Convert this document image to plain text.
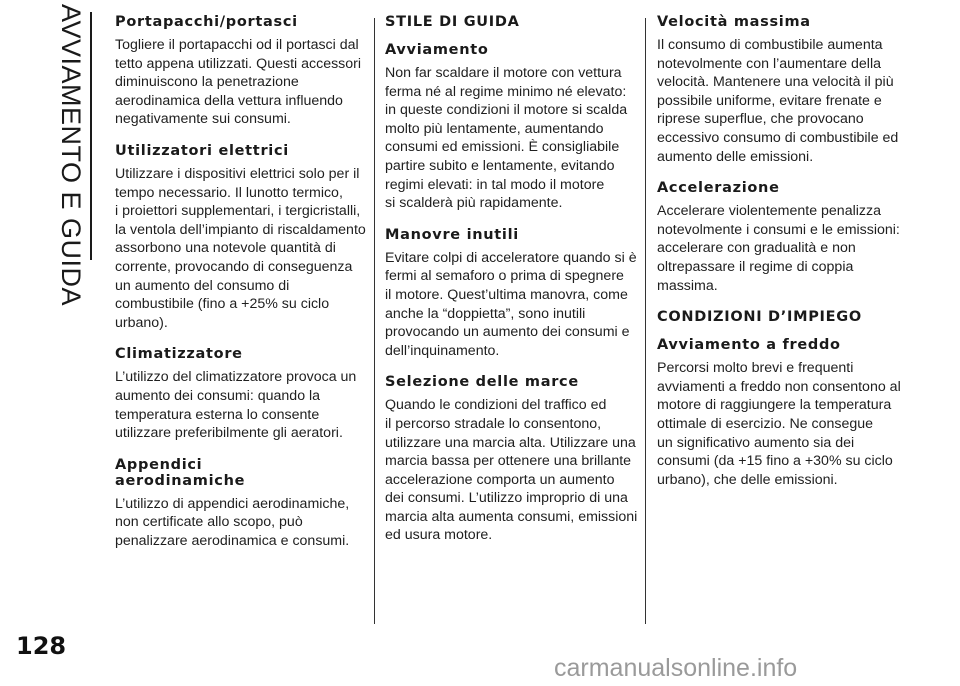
AVVIAMENTO E GUIDA
128
Portapacchi/portasci

Togliere il portapacchi od il portasci dal
tetto appena utilizzati. Questi accessori
diminuiscono la penetrazione
aerodinamica della vettura influendo
negativamente sui consumi.

Utilizzatori elettrici

Utilizzare i dispositivi elettrici solo per il
tempo necessario. Il lunotto termico,
i proiettori supplementari, i tergicristalli,
la ventola dell’impianto di riscaldamento
assorbono una notevole quantità di
corrente, provocando di conseguenza
un aumento del consumo di
combustibile (fino a +25% su ciclo
urbano).

Climatizzatore

L’utilizzo del climatizzatore provoca un
aumento dei consumi: quando la
temperatura esterna lo consente
utilizzare preferibilmente gli aeratori.

Appendici
aerodinamiche

L’utilizzo di appendici aerodinamiche,
non certificate allo scopo, può
penalizzare aerodinamica e consumi.

STILE DI GUIDA
Avviamento

Non far scaldare il motore con vettura
ferma né al regime minimo né elevato:
in queste condizioni il motore si scalda
molto più lentamente, aumentando
consumi ed emissioni. È consigliabile
partire subito e lentamente, evitando
regimi elevati: in tal modo il motore
si scalderà più rapidamente.

Manovre inutili

Evitare colpi di acceleratore quando si è
fermi al semaforo o prima di spegnere
il motore. Quest’ultima manovra, come
anche la “doppietta”, sono inutili
provocando un aumento dei consumi e
dell’inquinamento.

Selezione delle marce

Quando le condizioni del traffico ed
il percorso stradale lo consentono,
utilizzare una marcia alta. Utilizzare una
marcia bassa per ottenere una brillante
accelerazione comporta un aumento
dei consumi. L’utilizzo improprio di una
marcia alta aumenta consumi, emissioni
ed usura motore.

Velocità massima

Il consumo di combustibile aumenta
notevolmente con l’aumentare della
velocità. Mantenere una velocità il più
possibile uniforme, evitare frenate e
riprese superflue, che provocano
eccessivo consumo di combustibile ed
aumento delle emissioni.

Accelerazione

Accelerare violentemente penalizza
notevolmente i consumi e le emissioni:
accelerare con gradualità e non
oltrepassare il regime di coppia
massima.

CONDIZIONI D’IMPIEGO
Avviamento a freddo

Percorsi molto brevi e frequenti
avviamenti a freddo non consentono al
motore di raggiungere la temperatura
ottimale di esercizio. Ne consegue
un significativo aumento sia dei
consumi (da +15 fino a +30% su ciclo
urbano), che delle emissioni.

carmanualsonline.info
